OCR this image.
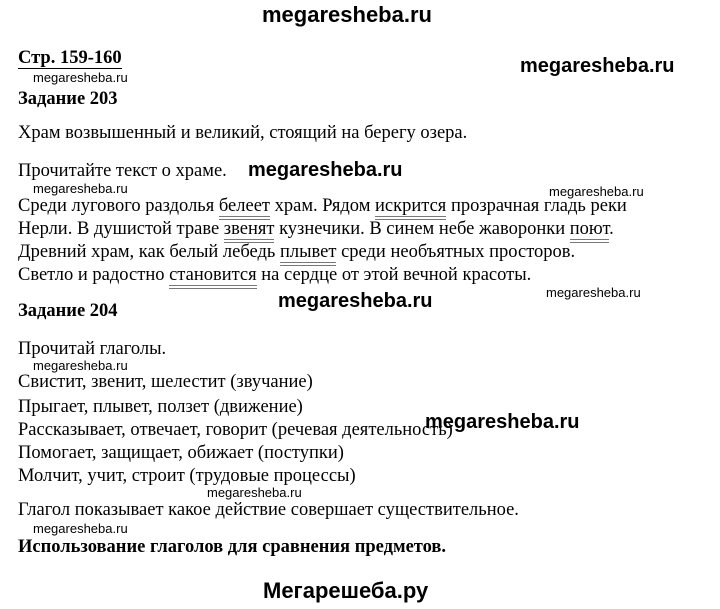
megaresheba.ru
Стр. 159-160
megaresheba.ru
megaresheba.ru
Задание 203
Храм возвышенный и великий, стоящий на берегу озера.
Прочитайте текст о храме. megaresheba.ru
megaresheba.ru	megaresheba.ru
Среди лугового раздолья белеет храм. Рядом искрится прозрачная гладь реки
Нерли. В душистой траве звенят кузнечики. В синем небе жаворонки поют.
Древний храм, как белый лебедь плывет среди необъятных просторов.
Светло и радостно становится на сердце от этой вечной красоты.
megaresheba.ru
megaresheba.ru
Задание 204
Прочитай глаголы.
megaresheba.ru
Свистит, звенит, шелестит (звучание)
Прыгает, плывет, ползет (движение)
Рассказывает, отвечает, говорит (речевая деятельность)
Помогает, защищает, обижает (поступки)
megaresheba.ru
Молчит, учит, строит (трудовые процессы)
megaresheba.ru
Глагол показывает какое действие совершает существительное.
megaresheba.ru
Использование глаголов для сравнения предметов.
Мегарешеба.ру
